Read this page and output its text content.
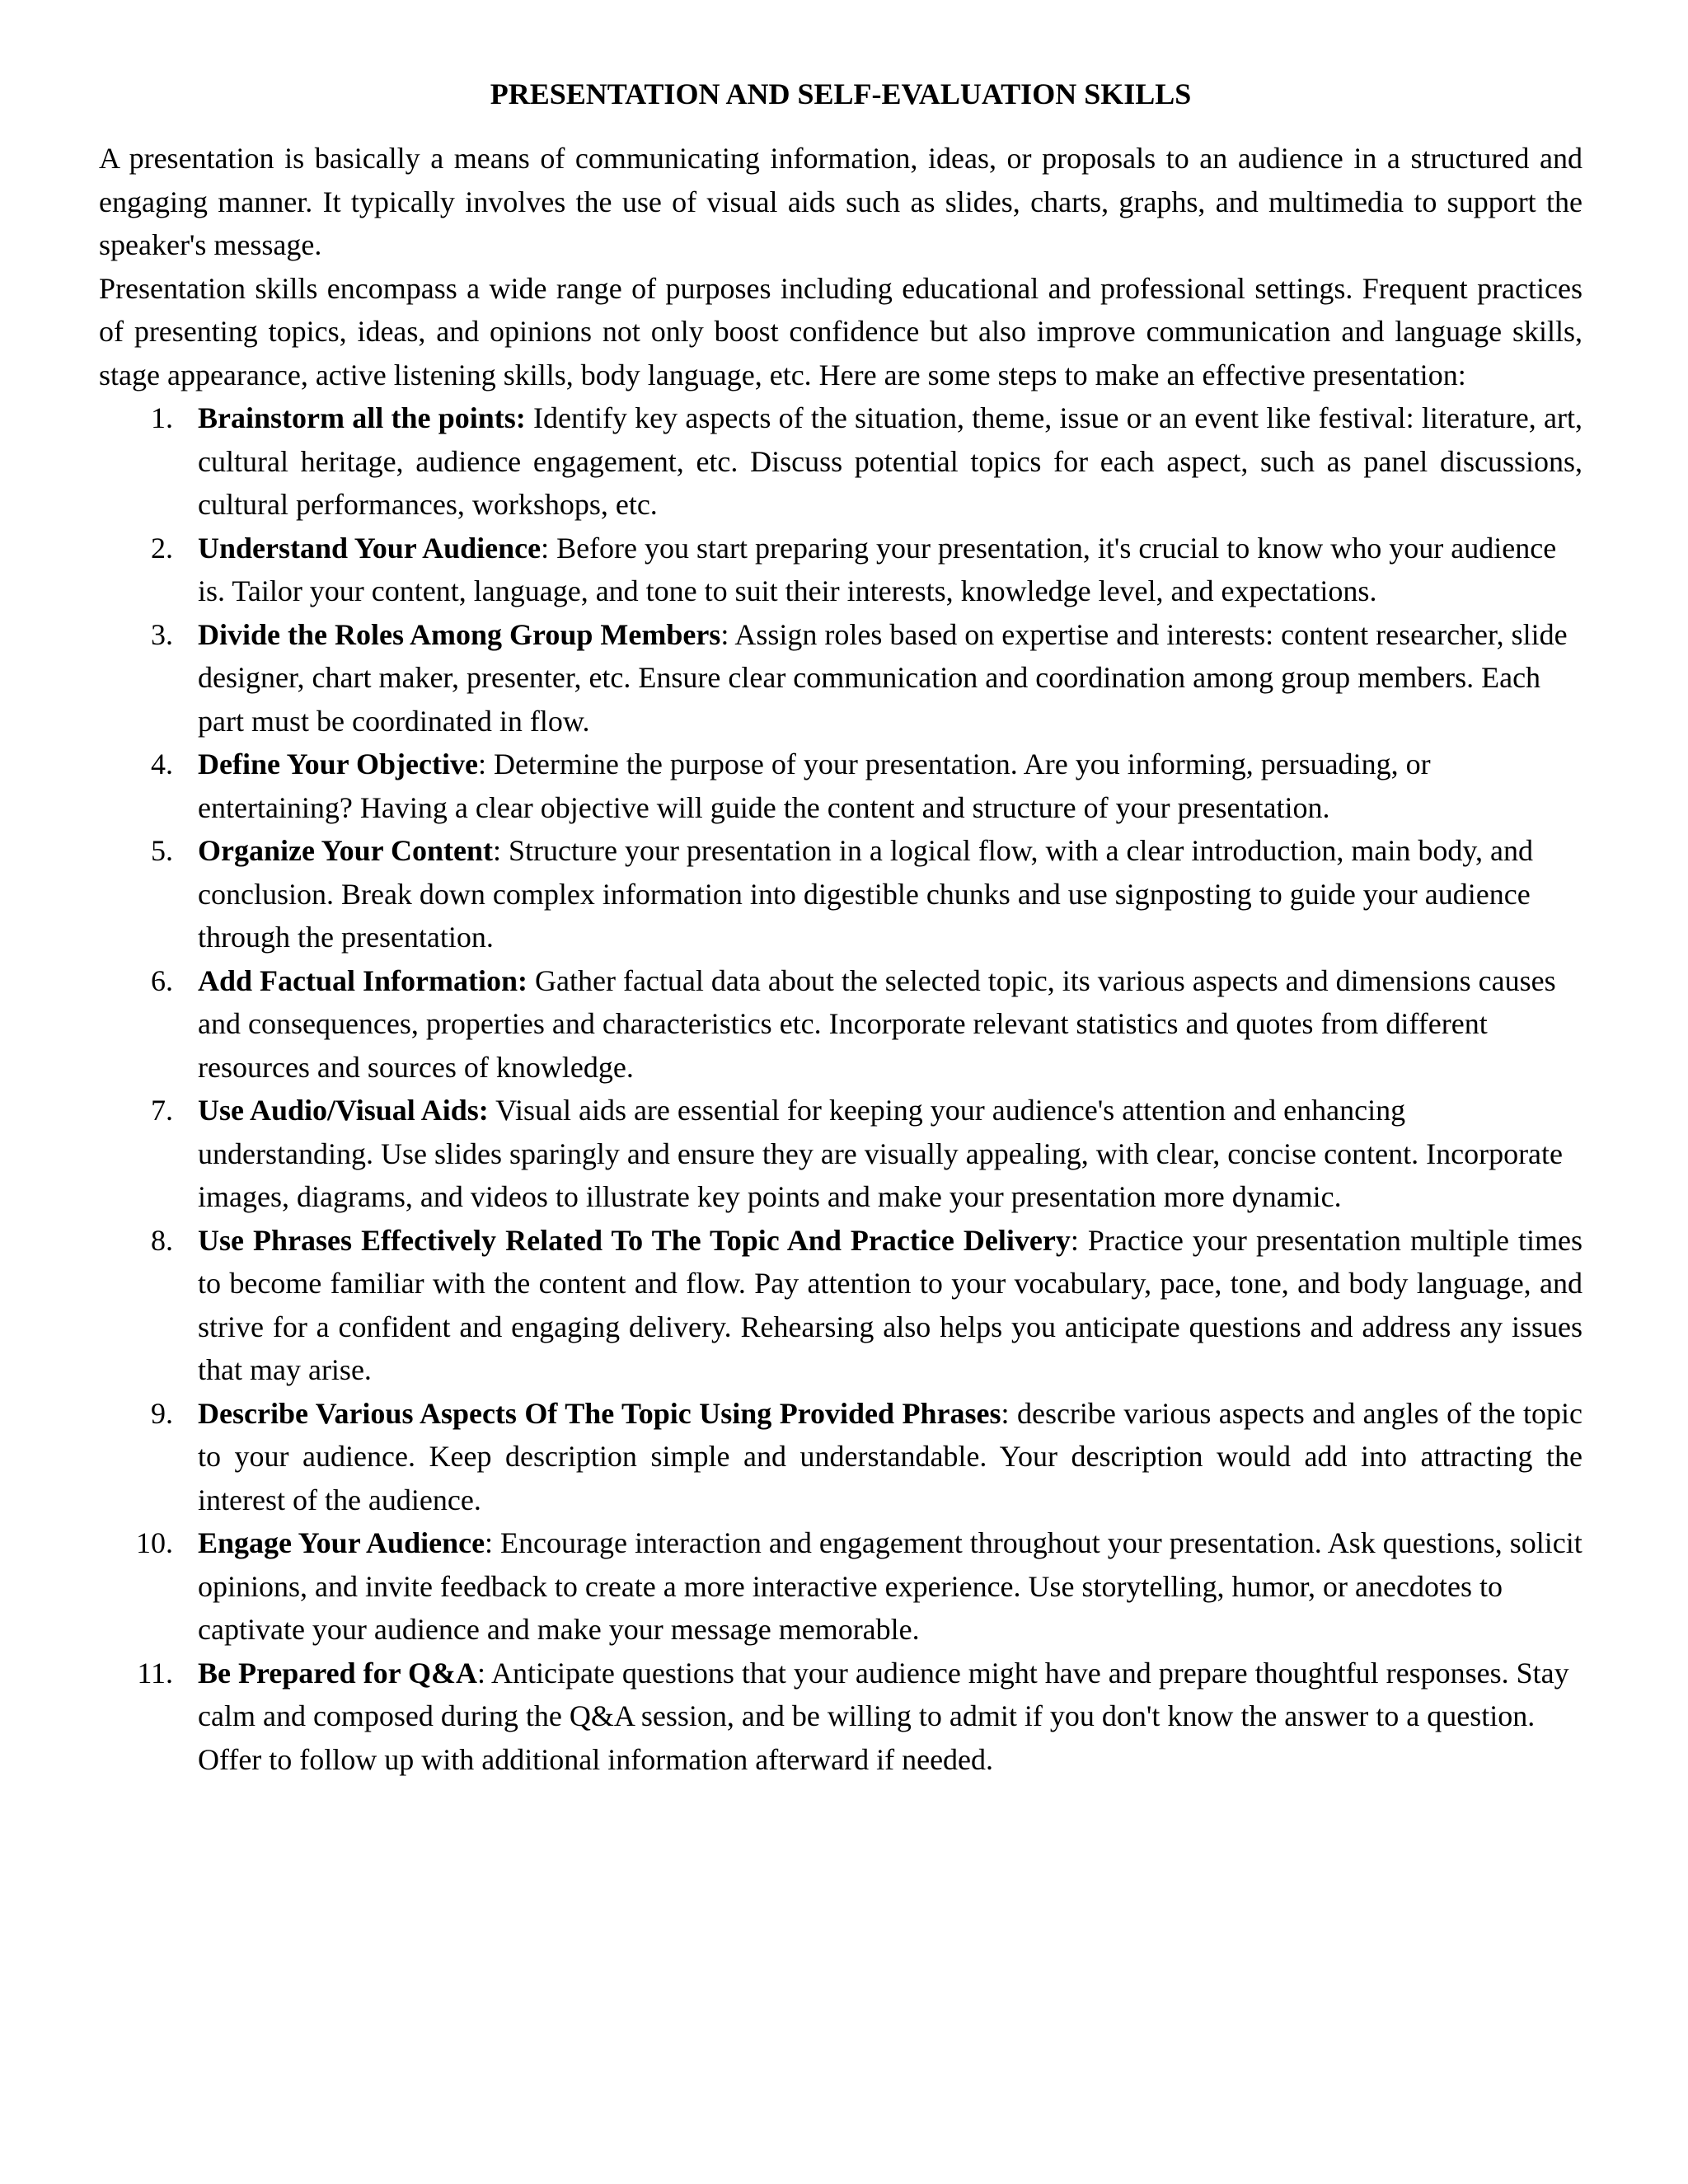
PRESENTATION AND SELF-EVALUATION SKILLS

A presentation is basically a means of communicating information, ideas, or proposals to an audience in a structured and engaging manner. It typically involves the use of visual aids such as slides, charts, graphs, and multimedia to support the speaker's message.

Presentation skills encompass a wide range of purposes including educational and professional settings. Frequent practices of presenting topics, ideas, and opinions not only boost confidence but also improve communication and language skills, stage appearance, active listening skills, body language, etc. Here are some steps to make an effective presentation:

1. Brainstorm all the points: Identify key aspects of the situation, theme, issue or an event like festival: literature, art, cultural heritage, audience engagement, etc. Discuss potential topics for each aspect, such as panel discussions, cultural performances, workshops, etc.
2. Understand Your Audience: Before you start preparing your presentation, it's crucial to know who your audience is. Tailor your content, language, and tone to suit their interests, knowledge level, and expectations.
3. Divide the Roles Among Group Members: Assign roles based on expertise and interests: content researcher, slide designer, chart maker, presenter, etc. Ensure clear communication and coordination among group members. Each part must be coordinated in flow.
4. Define Your Objective: Determine the purpose of your presentation. Are you informing, persuading, or entertaining? Having a clear objective will guide the content and structure of your presentation.
5. Organize Your Content: Structure your presentation in a logical flow, with a clear introduction, main body, and conclusion. Break down complex information into digestible chunks and use signposting to guide your audience through the presentation.
6. Add Factual Information: Gather factual data about the selected topic, its various aspects and dimensions causes and consequences, properties and characteristics etc. Incorporate relevant statistics and quotes from different resources and sources of knowledge.
7. Use Audio/Visual Aids: Visual aids are essential for keeping your audience's attention and enhancing understanding. Use slides sparingly and ensure they are visually appealing, with clear, concise content. Incorporate images, diagrams, and videos to illustrate key points and make your presentation more dynamic.
8. Use Phrases Effectively Related To The Topic And Practice Delivery: Practice your presentation multiple times to become familiar with the content and flow. Pay attention to your vocabulary, pace, tone, and body language, and strive for a confident and engaging delivery. Rehearsing also helps you anticipate questions and address any issues that may arise.
9. Describe Various Aspects Of The Topic Using Provided Phrases: describe various aspects and angles of the topic to your audience. Keep description simple and understandable. Your description would add into attracting the interest of the audience.
10. Engage Your Audience: Encourage interaction and engagement throughout your presentation. Ask questions, solicit opinions, and invite feedback to create a more interactive experience. Use storytelling, humor, or anecdotes to captivate your audience and make your message memorable.
11. Be Prepared for Q&A: Anticipate questions that your audience might have and prepare thoughtful responses. Stay calm and composed during the Q&A session, and be willing to admit if you don't know the answer to a question. Offer to follow up with additional information afterward if needed.
